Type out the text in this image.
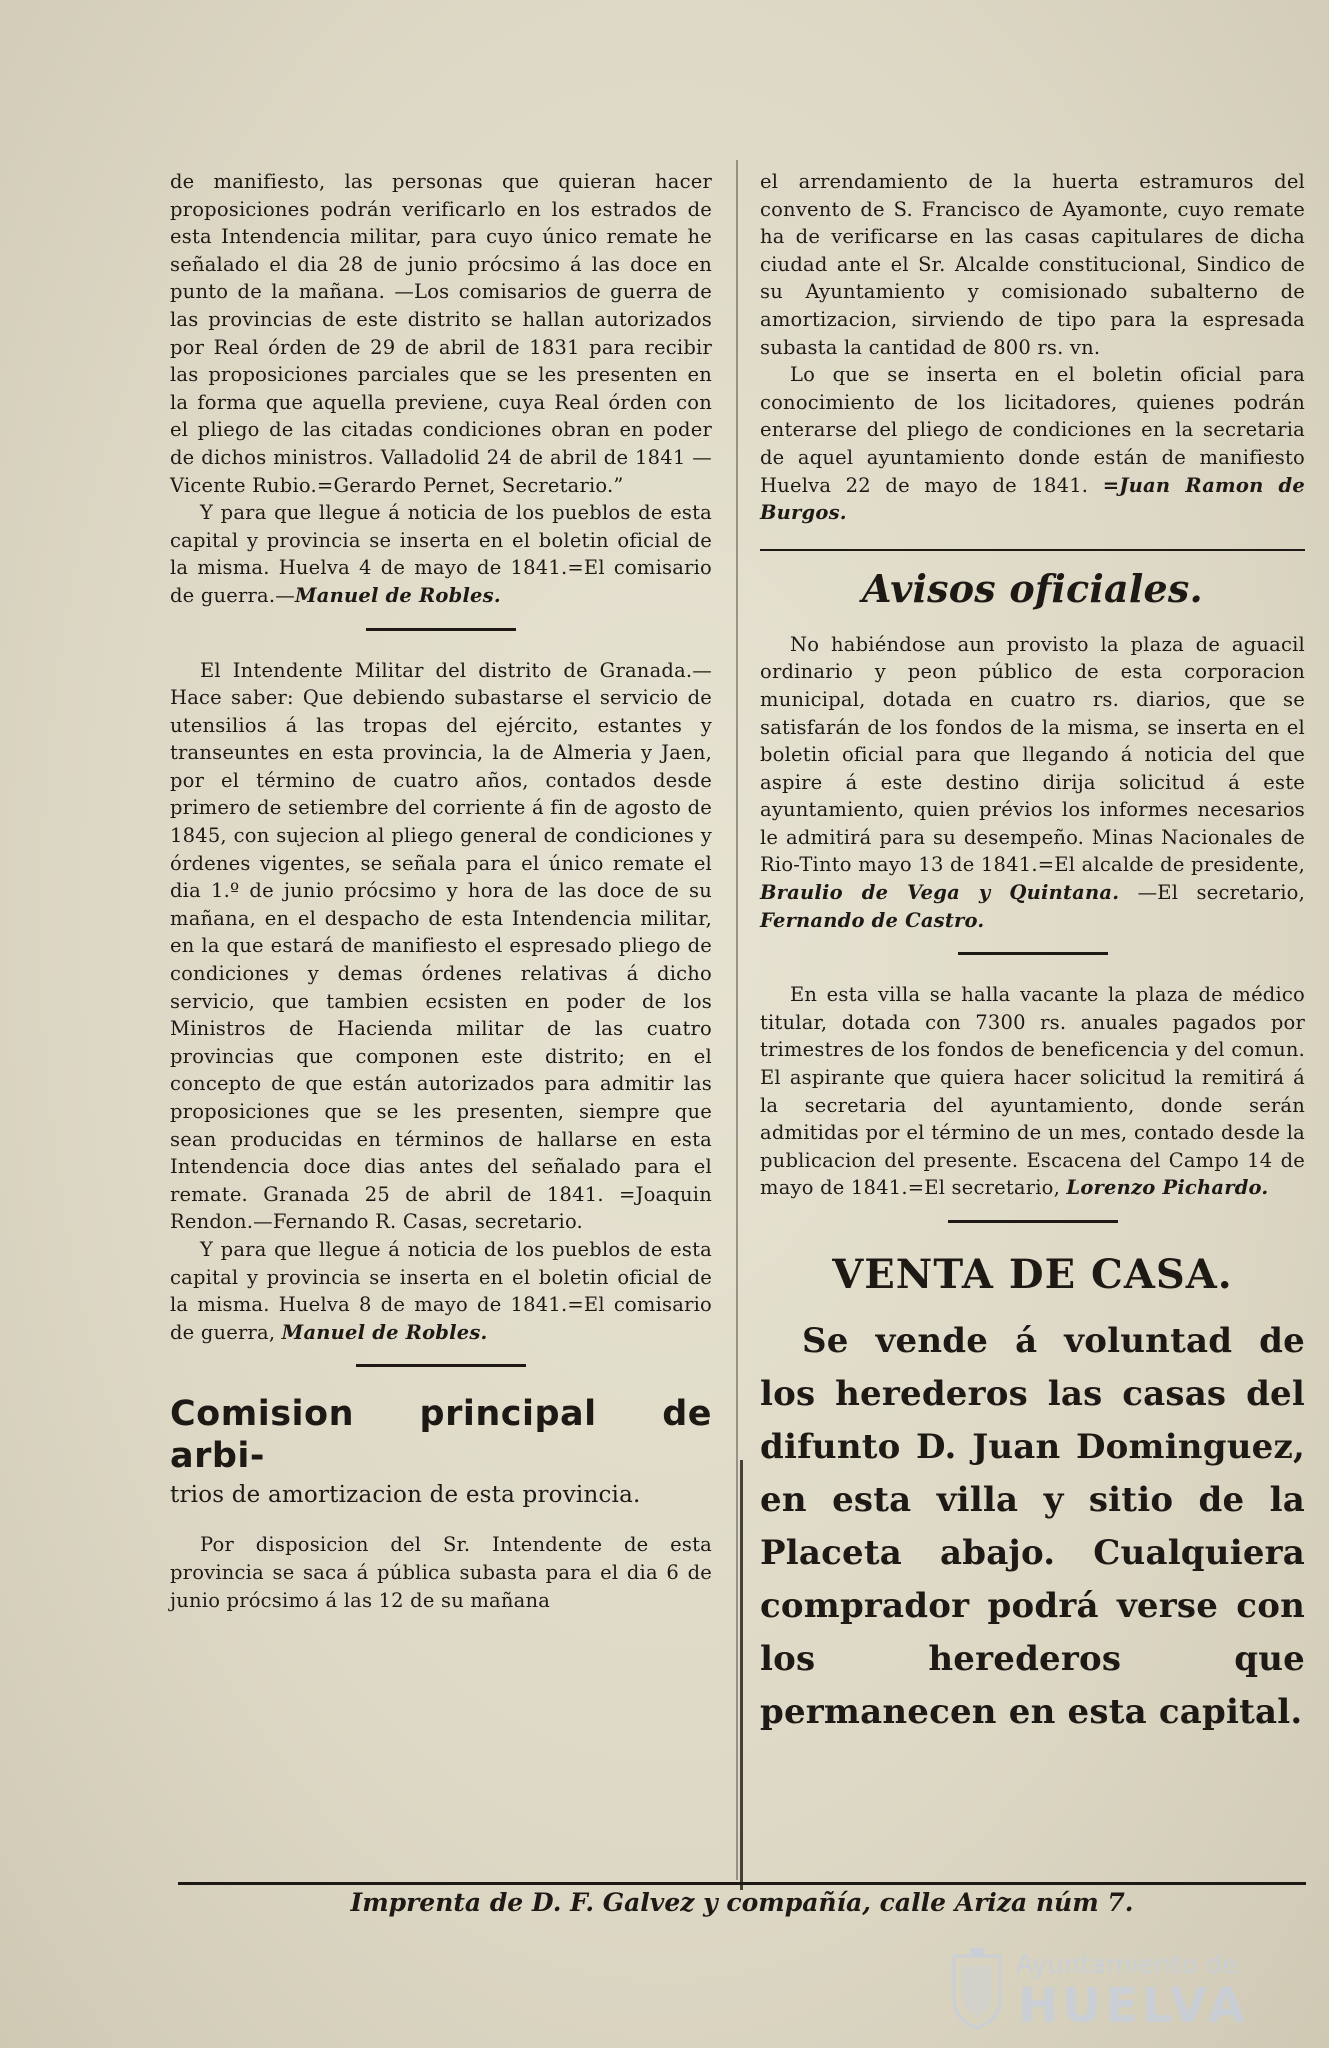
de manifiesto, las personas que quieran hacer proposiciones podrán verificarlo en los estrados de esta Intendencia militar, para cuyo único remate he señalado el dia 28 de junio prócsimo á las doce en punto de la mañana. —Los comisarios de guerra de las provincias de este distrito se hallan autorizados por Real órden de 29 de abril de 1831 para recibir las proposiciones parciales que se les presenten en la forma que aquella previene, cuya Real órden con el pliego de las citadas condiciones obran en poder de dichos ministros. Valladolid 24 de abril de 1841 —Vicente Rubio.=Gerardo Pernet, Secretario.”

Y para que llegue á noticia de los pueblos de esta capital y provincia se inserta en el boletin oficial de la misma. Huelva 4 de mayo de 1841.=El comisario de guerra.—Manuel de Robles.

El Intendente Militar del distrito de Granada.—Hace saber: Que debiendo subastarse el servicio de utensilios á las tropas del ejército, estantes y transeuntes en esta provincia, la de Almeria y Jaen, por el término de cuatro años, contados desde primero de setiembre del corriente á fin de agosto de 1845, con sujecion al pliego general de condiciones y órdenes vigentes, se señala para el único remate el dia 1.º de junio prócsimo y hora de las doce de su mañana, en el despacho de esta Intendencia militar, en la que estará de manifiesto el espresado pliego de condiciones y demas órdenes relativas á dicho servicio, que tambien ecsisten en poder de los Ministros de Hacienda militar de las cuatro provincias que componen este distrito; en el concepto de que están autorizados para admitir las proposiciones que se les presenten, siempre que sean producidas en términos de hallarse en esta Intendencia doce dias antes del señalado para el remate. Granada 25 de abril de 1841. =Joaquin Rendon.—Fernando R. Casas, secretario.

Y para que llegue á noticia de los pueblos de esta capital y provincia se inserta en el boletin oficial de la misma. Huelva 8 de mayo de 1841.=El comisario de guerra, Manuel de Robles.

Comision principal de arbi-
trios de amortizacion de esta provincia.

Por disposicion del Sr. Intendente de esta provincia se saca á pública subasta para el dia 6 de junio prócsimo á las 12 de su mañana

el arrendamiento de la huerta estramuros del convento de S. Francisco de Ayamonte, cuyo remate ha de verificarse en las casas capitulares de dicha ciudad ante el Sr. Alcalde constitucional, Sindico de su Ayuntamiento y comisionado subalterno de amortizacion, sirviendo de tipo para la espresada subasta la cantidad de 800 rs. vn.

Lo que se inserta en el boletin oficial para conocimiento de los licitadores, quienes podrán enterarse del pliego de condiciones en la secretaria de aquel ayuntamiento donde están de manifiesto Huelva 22 de mayo de 1841. =Juan Ramon de Burgos.

Avisos oficiales.

No habiéndose aun provisto la plaza de aguacil ordinario y peon público de esta corporacion municipal, dotada en cuatro rs. diarios, que se satisfarán de los fondos de la misma, se inserta en el boletin oficial para que llegando á noticia del que aspire á este destino dirija solicitud á este ayuntamiento, quien prévios los informes necesarios le admitirá para su desempeño. Minas Nacionales de Rio-Tinto mayo 13 de 1841.=El alcalde de presidente, Braulio de Vega y Quintana. —El secretario, Fernando de Castro.

En esta villa se halla vacante la plaza de médico titular, dotada con 7300 rs. anuales pagados por trimestres de los fondos de beneficencia y del comun. El aspirante que quiera hacer solicitud la remitirá á la secretaria del ayuntamiento, donde serán admitidas por el término de un mes, contado desde la publicacion del presente. Escacena del Campo 14 de mayo de 1841.=El secretario, Lorenzo Pichardo.

VENTA DE CASA.

Se vende á voluntad de los herederos las casas del difunto D. Juan Dominguez, en esta villa y sitio de la Placeta abajo. Cualquiera comprador podrá verse con los herederos que permanecen en esta capital.

Imprenta de D. F. Galvez y compañía, calle Ariza núm 7.
Ayuntamiento de
HUELVA
